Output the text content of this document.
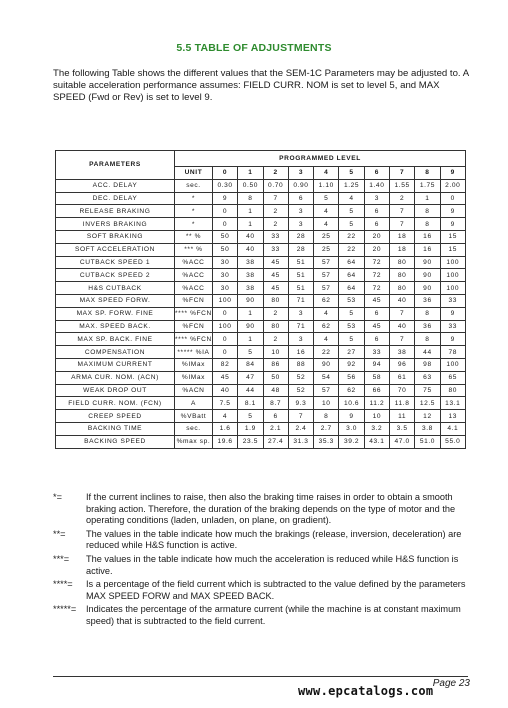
5.5 TABLE OF ADJUSTMENTS
The following Table shows the different values that the SEM-1C Parameters may be adjusted to. A suitable acceleration performance assumes: FIELD CURR. NOM is set to level 5, and MAX SPEED (Fwd or Rev) is set to level 9.
PARAMETERS	PROGRAMMED LEVEL										
	UNIT	0	1	2	3	4	5	6	7	8	9
ACC. DELAY	sec.	0.30	0.50	0.70	0.90	1.10	1.25	1.40	1.55	1.75	2.00
DEC. DELAY	*	9	8	7	6	5	4	3	2	1	0
RELEASE BRAKING	*	0	1	2	3	4	5	6	7	8	9
INVERS BRAKING	*	0	1	2	3	4	5	6	7	8	9
SOFT BRAKING	** %	50	40	33	28	25	22	20	18	16	15
SOFT ACCELERATION	*** %	50	40	33	28	25	22	20	18	16	15
CUTBACK SPEED 1	%ACC	30	38	45	51	57	64	72	80	90	100
CUTBACK SPEED 2	%ACC	30	38	45	51	57	64	72	80	90	100
H&S CUTBACK	%ACC	30	38	45	51	57	64	72	80	90	100
MAX SPEED FORW.	%FCN	100	90	80	71	62	53	45	40	36	33
MAX SP. FORW. FINE	**** %FCN	0	1	2	3	4	5	6	7	8	9
MAX. SPEED BACK.	%FCN	100	90	80	71	62	53	45	40	36	33
MAX SP. BACK. FINE	**** %FCN	0	1	2	3	4	5	6	7	8	9
COMPENSATION	***** %IA	0	5	10	16	22	27	33	38	44	78
MAXIMUM CURRENT	%IMax	82	84	86	88	90	92	94	96	98	100
ARMA CUR. NOM. (ACN)	%IMax	45	47	50	52	54	56	58	61	63	65
WEAK DROP OUT	%ACN	40	44	48	52	57	62	66	70	75	80
FIELD CURR. NOM. (FCN)	A	7.5	8.1	8.7	9.3	10	10.6	11.2	11.8	12.5	13.1
CREEP SPEED	%VBatt	4	5	6	7	8	9	10	11	12	13
BACKING TIME	sec.	1.6	1.9	2.1	2.4	2.7	3.0	3.2	3.5	3.8	4.1
BACKING SPEED	%max sp.	19.6	23.5	27.4	31.3	35.3	39.2	43.1	47.0	51.0	55.0
*=	If the current inclines to raise, then also the braking time raises in order to obtain a smooth braking action. Therefore, the duration of the braking depends on the type of motor and the operating conditions (laden, unladen, on plane, on gradient).
**=	The values in the table indicate how much the brakings (release, inversion, deceleration) are reduced while H&S function is active.
***=	The values in the table indicate how much the acceleration is reduced while H&S function is active.
****=	Is a percentage of the field current which is subtracted to the value defined by the parameters MAX SPEED FORW and MAX SPEED BACK.
*****=	Indicates the percentage of the armature current (while the machine is at constant maximum speed) that is subtracted to the field current.
Page 23
www.epcatalogs.com
